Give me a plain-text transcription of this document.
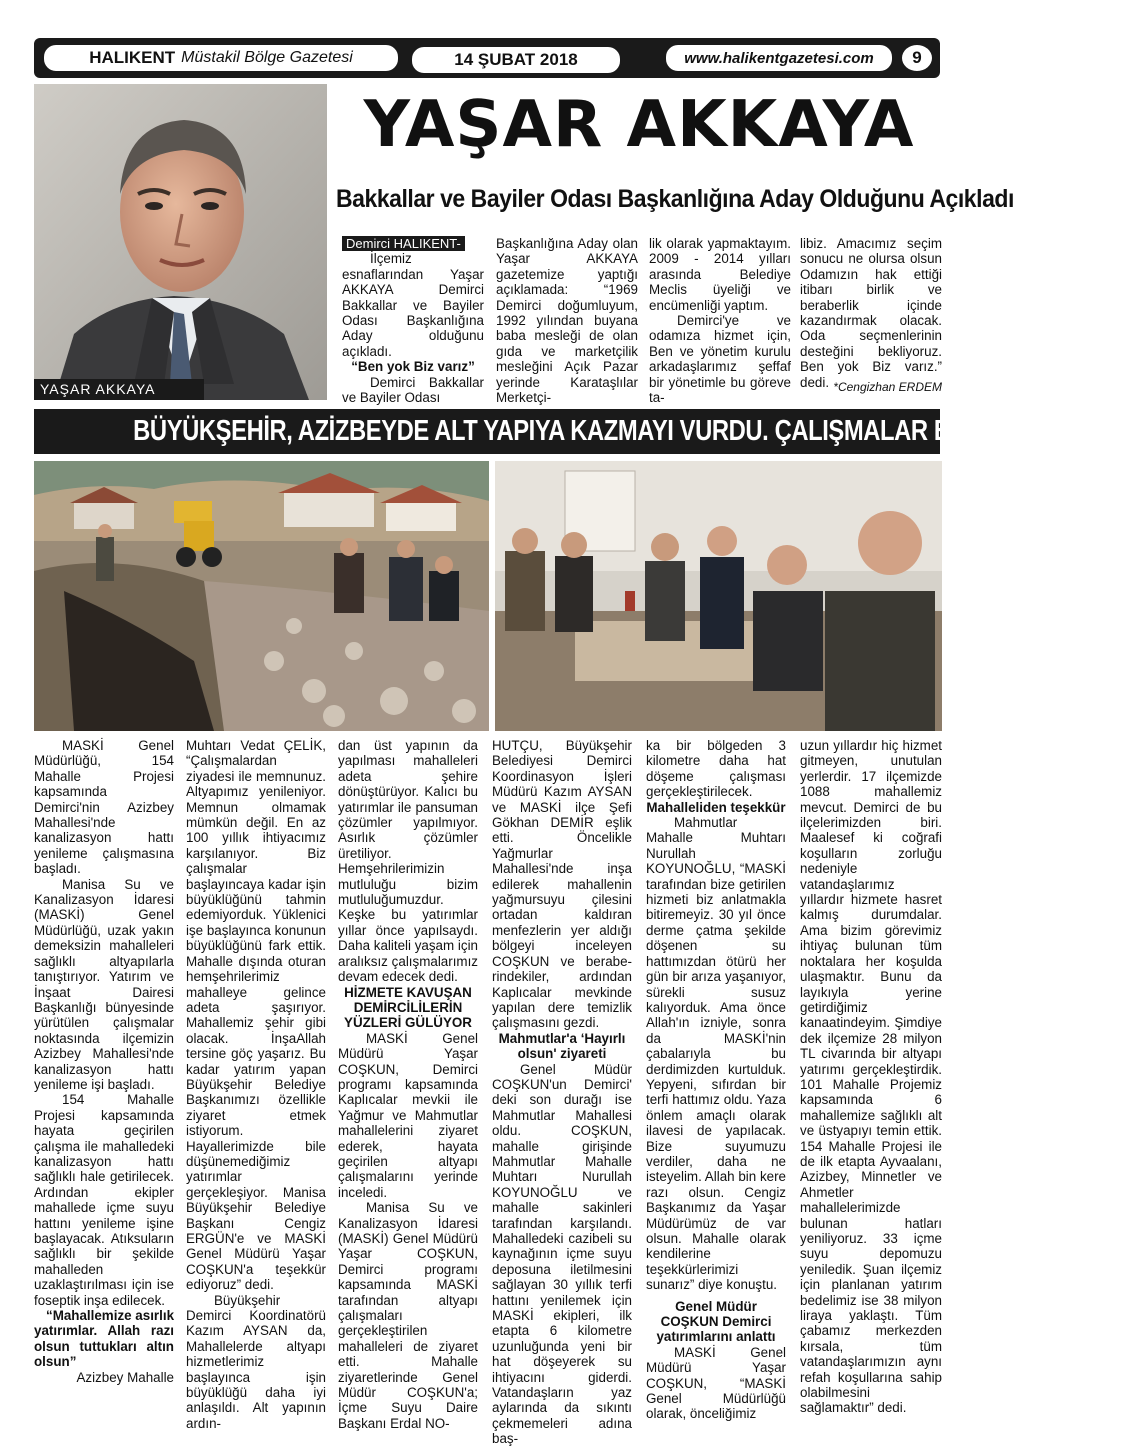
HALIKENT Müstakil Bölge Gazetesi	14 ŞUBAT 2018	www.halikentgazetesi.com	9
YAŞAR AKKAYA
YAŞAR AKKAYA
Bakkallar ve Bayiler Odası Başkanlığına Aday Olduğunu Açıkladı

Demirci HALIKENT-

İlçemiz esnaflarından Yaşar AKKAYA Demirci Bakkallar ve Bayiler Odası Başkanlığına Aday olduğunu açıkladı.

“Ben yok Biz varız”

Demirci Bakkallar ve Bayiler Odası

Başkanlığına Aday olan Yaşar AKKAYA gazetemize yaptığı açıklamada: “1969 Demirci doğumluyum, 1992 yılından buyana baba mesleği de olan gıda ve marketçilik mesleğini Açık Pazar yerinde Karataşlılar Merketçi-

lik olarak yapmaktayım. 2009 - 2014 yılları arasında Belediye Meclis üyeliği ve encümenliği yaptım.

Demirci'ye ve odamıza hizmet için, Ben ve yönetim kurulu arkadaşlarımız şeffaf bir yönetimle bu göreve ta-

libiz. Amacımız seçim sonucu ne olursa olsun Odamızın hak ettiği itibarı birlik ve beraberlik içinde kazandırmak olacak. Oda seçmenlerinin desteğini bekliyoruz. Ben yok Biz varız.” dedi. *Cengizhan ERDEM
BÜYÜKŞEHİR, AZİZBEYDE ALT YAPIYA KAZMAYI VURDU. ÇALIŞMALAR BAŞLADI

MASKİ Genel Müdürlüğü, 154 Mahalle Projesi kapsamında Demirci'nin Azizbey Mahallesi'nde kanalizasyon hattı yenileme çalışmasına başladı.

Manisa Su ve Kanalizasyon İdaresi (MASKİ) Genel Müdürlüğü, uzak yakın demeksizin mahalleleri sağlıklı altyapılarla tanıştırıyor. Yatırım ve İnşaat Dairesi Başkanlığı bünyesinde yürütülen çalışmalar noktasında ilçemizin Azizbey Mahallesi'nde kanalizasyon hattı yenileme işi başladı.

154 Mahalle Projesi kapsamında hayata geçirilen çalışma ile mahalledeki kanalizasyon hattı sağlıklı hale getirilecek. Ardından ekipler mahallede içme suyu hattını yenileme işine başlayacak. Atıksuların sağlıklı bir şekilde mahalleden uzaklaştırılması için ise foseptik inşa edilecek.

“Mahallemize asırlık yatırımlar. Allah razı olsun tuttukları altın olsun”

Azizbey Mahalle

Muhtarı Vedat ÇELİK, “Çalışmalardan ziyadesi ile memnunuz. Altyapımız yenileniyor. Memnun olmamak mümkün değil. En az 100 yıllık ihtiyacımız karşılanıyor. Biz çalışmalar başlayıncaya kadar işin büyüklüğünü tahmin edemiyorduk. Yüklenici işe başlayınca konunun büyüklüğünü fark ettik. Mahalle dışında oturan hemşehrilerimiz mahalleye gelince adeta şaşırıyor. Mahallemiz şehir gibi olacak. İnşaAllah tersine göç yaşarız. Bu kadar yatırım yapan Büyükşehir Belediye Başkanımızı özellikle ziyaret etmek istiyorum. Hayallerimizde bile düşünemediğimiz yatırımlar gerçekleşiyor. Manisa Büyükşehir Belediye Başkanı Cengiz ERGÜN'e ve MASKİ Genel Müdürü Yaşar COŞKUN'a teşekkür ediyoruz” dedi.

Büyükşehir Demirci Koordinatörü Kazım AYSAN da, Mahallelerde altyapı hizmetlerimiz başlayınca işin büyüklüğü daha iyi anlaşıldı. Alt yapının ardın-

dan üst yapının da yapılması mahalleleri adeta şehire dönüştürüyor. Kalıcı bu yatırımlar ile pansuman çözümler yapılmıyor. Asırlık çözümler üretiliyor. Hemşehrilerimizin mutluluğu bizim mutluluğumuzdur. Keşke bu yatırımlar yıllar önce yapılsaydı. Daha kaliteli yaşam için aralıksız çalışmalarımız devam edecek dedi.

HİZMETE KAVUŞAN DEMİRCİLİLERİN YÜZLERİ GÜLÜYOR

MASKİ Genel Müdürü Yaşar COŞKUN, Demirci programı kapsamında Kaplıcalar mevkii ile Yağmur ve Mahmutlar mahallelerini ziyaret ederek, hayata geçirilen altyapı çalışmalarını yerinde inceledi.

Manisa Su ve Kanalizasyon İdaresi (MASKİ) Genel Müdürü Yaşar COŞKUN, Demirci programı kapsamında MASKİ tarafından altyapı çalışmaları gerçekleştirilen mahalleleri de ziyaret etti. Mahalle ziyaretlerinde Genel Müdür COŞKUN'a; İçme Suyu Daire Başkanı Erdal NO-

HUTÇU, Büyükşehir Belediyesi Demirci Koordinasyon İşleri Müdürü Kazım AYSAN ve MASKİ ilçe Şefi Gökhan DEMİR eşlik etti. Öncelikle Yağmurlar Mahallesi'nde inşa edilerek mahallenin yağmursuyu çilesini ortadan kaldıran menfezlerin yer aldığı bölgeyi inceleyen COŞKUN ve berabe-rindekiler, ardından Kaplıcalar mevkinde yapılan dere temizlik çalışmasını gezdi.

Mahmutlar'a ‘Hayırlı olsun' ziyareti

Genel Müdür COŞKUN'un Demirci' deki son durağı ise Mahmutlar Mahallesi oldu. COŞKUN, mahalle girişinde Mahmutlar Mahalle Muhtarı Nurullah KOYUNOĞLU ve mahalle sakinleri tarafından karşılandı. Mahalledeki cazibeli su kaynağının içme suyu deposuna iletilmesini sağlayan 30 yıllık terfi hattını yenilemek için MASKİ ekipleri, ilk etapta 6 kilometre uzunluğunda yeni bir hat döşeyerek su ihtiyacını giderdi. Vatandaşların yaz aylarında da sıkıntı çekmemeleri adına baş-

ka bir bölgeden 3 kilometre daha hat döşeme çalışması gerçekleştirilecek.

Mahalleliden teşekkür

Mahmutlar Mahalle Muhtarı Nurullah KOYUNOĞLU, “MASKİ tarafından bize getirilen hizmeti biz anlatmakla bitiremeyiz. 30 yıl önce derme çatma şekilde döşenen su hattımızdan ötürü her gün bir arıza yaşanıyor, sürekli susuz kalıyorduk. Ama önce Allah'ın izniyle, sonra da MASKİ'nin çabalarıyla bu derdimizden kurtulduk. Yepyeni, sıfırdan bir terfi hattımız oldu. Yaza önlem amaçlı olarak ilavesi de yapılacak. Bize suyumuzu verdiler, daha ne isteyelim. Allah bin kere razı olsun. Cengiz Başkanımız da Yaşar Müdürümüz de var olsun. Mahalle olarak kendilerine teşekkürlerimizi sunarız” diye konuştu.

Genel Müdür COŞKUN Demirci yatırımlarını anlattı

MASKİ Genel Müdürü Yaşar COŞKUN, “MASKİ Genel Müdürlüğü olarak, önceliğimiz

uzun yıllardır hiç hizmet gitmeyen, unutulan yerlerdir. 17 ilçemizde 1088 mahallemiz mevcut. Demirci de bu ilçelerimizden biri. Maalesef ki coğrafi koşulların zorluğu nedeniyle vatandaşlarımız yıllardır hizmete hasret kalmış durumdalar. Ama bizim görevimiz ihtiyaç bulunan tüm noktalara her koşulda ulaşmaktır. Bunu da layıkıyla yerine getirdiğimiz kanaatindeyim. Şimdiye dek ilçemize 28 milyon TL civarında bir altyapı yatırımı gerçekleştirdik. 101 Mahalle Projemiz kapsamında 6 mahallemize sağlıklı alt ve üstyapıyı temin ettik. 154 Mahalle Projesi ile de ilk etapta Ayvaalanı, Azizbey, Minnetler ve Ahmetler mahallelerimizde bulunan hatları yeniliyoruz. 33 içme suyu depomuzu yeniledik. Şuan ilçemiz için planlanan yatırım bedelimiz ise 38 milyon liraya yaklaştı. Tüm çabamız merkezden kırsala, tüm vatandaşlarımızın aynı refah koşullarına sahip olabilmesini sağlamaktır” dedi.
